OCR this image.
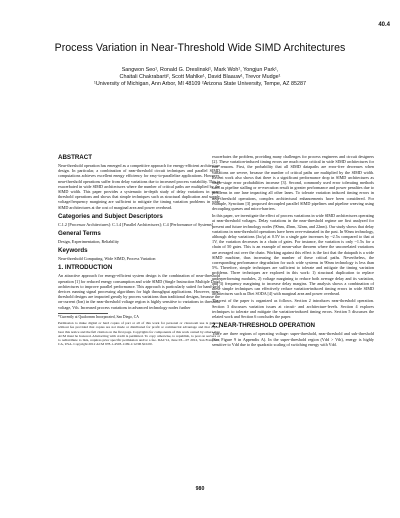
40.4
Process Variation in Near-Threshold Wide SIMD Architectures
Sangwon Seo¹, Ronald G. Dreslinski¹, Mark Woh¹, Yongjun Park¹,
Chaitali Chakrabarti², Scott Mahlke¹, David Blaauw¹, Trevor Mudge¹
¹University of Michigan, Ann Arbor, MI 48109 ²Arizona State University, Tempe, AZ 85287
ABSTRACT

Near-threshold operation has emerged as a competitive approach for energy-efficient architecture design. In particular, a combination of near-threshold circuit techniques and parallel SIMD computations achieves excellent energy efficiency for easy-to-parallelize applications. However, near-threshold operations suffer from delay variations due to increased process variability. This is exacerbated in wide SIMD architectures where the number of critical paths are multiplied by the SIMD width. This paper provides a systematic in-depth study of delay variations in near-threshold operations and shows that simple techniques such as structural duplication and supply voltage/frequency margining are sufficient to mitigate the timing variation problems in wide SIMD architectures at the cost of marginal area and power overhead.

Categories and Subject Descriptors

C.1.2 [Processor Architectures]: C.1.4 [Parallel Architectures]; C.4 [Performance of Systems]

General Terms

Design, Experimentation, Reliability

Keywords

Near-threshold Computing, Wide SIMD, Process Variation

1. INTRODUCTION

An attractive approach for energy-efficient system design is the combination of near-threshold operation [1] for reduced energy consumption and wide SIMD (Single Instruction Multiple Data) architectures to improve parallel performance. This approach is particularly suited for hand-held devices running signal processing algorithms for high throughput applications. However, near-threshold designs are impacted greatly by process variations than traditional designs, because the on-current (Ion) in the near-threshold voltage region is highly sensitive to variations in threshold voltage, Vth. Increased process variations in advanced technology nodes further

*Currently at Qualcomm Incorporated, San Diego, CA

Permission to make digital or hard copies of part or all of this work for personal or classroom use is granted without fee provided that copies are not made or distributed for profit or commercial advantage and that copies bear this notice and the full citation on the first page. Copyrights for components of this work owned by others than ACM must be honored. Abstracting with credit is permitted. To copy otherwise, to republish, to post on servers or to redistribute to lists, requires prior specific permission and/or a fee. DAC'12, June 03—07 2012, San Francisco, CA, USA. Copyright 2012 ACM 978-1-4503-1199-1/12/06 $10.00.

exacerbates the problem, providing many challenges for process engineers and circuit designers [2]. These variation-induced timing errors are much more critical in wide SIMD architectures for two reasons. First, the probability that all SIMD datapaths are error-free decreases when variations are severe, because the number of critical paths are multiplied by the SIMD width. Recent work also shows that there is a significant performance drop in SIMD architectures as single-stage error probabilities increase [3]. Second, commonly used error tolerating methods such as pipeline stalling or re-execution result in greater performance and power penalties due to problems in one lane impacting all other lanes. To tolerate variation induced timing errors in near-threshold operations, complex architectural enhancements have been considered. For example, Synctium [3] proposed decoupled parallel SIMD pipelines and pipeline weaving using decoupling queues and micro-barriers.

In this paper, we investigate the effect of process variations in wide SIMD architectures operating at near-threshold voltages. Delay variations in the near-threshold regime are first analyzed for present and future technology nodes (90nm, 45nm, 32nm, and 22nm). Our study shows that delay variations in near-threshold operations have been over-estimated in the past. In 90nm technology, although delay variations (3σ/μ) at 0.5V in a single gate increases by ~2.5x compared to that at 1V, the variation decreases in a chain of gates. For instance, the variation is only ~1.5x for a chain of 50 gates. This is an example of mean-value theorem where the uncorrelated variations are averaged out over the chain. Working against this effect is the fact that the datapath is a wide SIMD machine, thus increasing the number of these critical paths. Nevertheless, the corresponding performance degradation for such wide systems in 90nm technology is less than 5%. Therefore, simple techniques are sufficient to tolerate and mitigate the timing variation problems. Three techniques are explored in this work: 1) structural duplication to replace underperforming modules, 2) voltage margining to reduce both average delay and its variation, and 3) frequency margining to increase delay margins. The analysis shows a combination of these simple techniques can effectively reduce variation-induced timing errors in wide SIMD architectures such as Diet SODA [4] with marginal area and power overhead.

The rest of the paper is organized as follows. Section 2 introduces near-threshold operation. Section 3 discusses variation issues at circuit- and architecture-levels. Section 4 explores techniques to tolerate and mitigate the variation-induced timing errors. Section 5 discusses the related work and Section 6 concludes the paper.

2. NEAR-THRESHOLD OPERATION

There are three regions of operating voltage: super-threshold, near-threshold and sub-threshold (See Figure 9 in Appendix A). In the super-threshold region (Vdd > Vth), energy is highly sensitive to Vdd due to the quadratic scaling of switching energy with Vdd.

980
